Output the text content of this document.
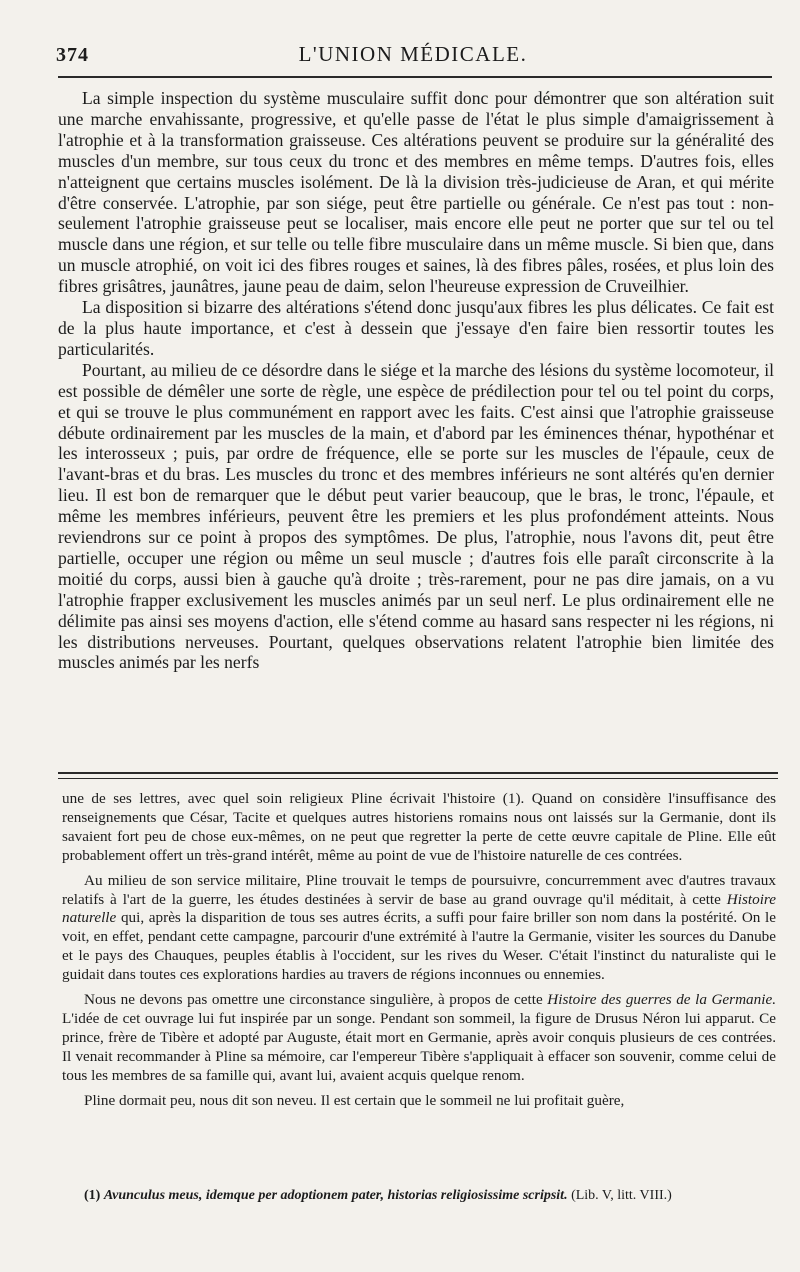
374	L'UNION MÉDICALE.

La simple inspection du système musculaire suffit donc pour démontrer que son altération suit une marche envahissante, progressive, et qu'elle passe de l'état le plus simple d'amaigrissement à l'atrophie et à la transformation graisseuse. Ces altérations peuvent se produire sur la généralité des muscles d'un membre, sur tous ceux du tronc et des membres en même temps. D'autres fois, elles n'atteignent que certains muscles isolément. De là la division très-judicieuse de Aran, et qui mérite d'être conservée. L'atrophie, par son siége, peut être partielle ou générale. Ce n'est pas tout : non-seulement l'atrophie graisseuse peut se localiser, mais encore elle peut ne porter que sur tel ou tel muscle dans une région, et sur telle ou telle fibre musculaire dans un même muscle. Si bien que, dans un muscle atrophié, on voit ici des fibres rouges et saines, là des fibres pâles, rosées, et plus loin des fibres grisâtres, jaunâtres, jaune peau de daim, selon l'heureuse expression de Cruveilhier.

La disposition si bizarre des altérations s'étend donc jusqu'aux fibres les plus délicates. Ce fait est de la plus haute importance, et c'est à dessein que j'essaye d'en faire bien ressortir toutes les particularités.

Pourtant, au milieu de ce désordre dans le siége et la marche des lésions du système locomoteur, il est possible de démêler une sorte de règle, une espèce de prédilection pour tel ou tel point du corps, et qui se trouve le plus communément en rapport avec les faits. C'est ainsi que l'atrophie graisseuse débute ordinairement par les muscles de la main, et d'abord par les éminences thénar, hypothénar et les interosseux ; puis, par ordre de fréquence, elle se porte sur les muscles de l'épaule, ceux de l'avant-bras et du bras. Les muscles du tronc et des membres inférieurs ne sont altérés qu'en dernier lieu. Il est bon de remarquer que le début peut varier beaucoup, que le bras, le tronc, l'épaule, et même les membres inférieurs, peuvent être les premiers et les plus profondément atteints. Nous reviendrons sur ce point à propos des symptômes. De plus, l'atrophie, nous l'avons dit, peut être partielle, occuper une région ou même un seul muscle ; d'autres fois elle paraît circonscrite à la moitié du corps, aussi bien à gauche qu'à droite ; très-rarement, pour ne pas dire jamais, on a vu l'atrophie frapper exclusivement les muscles animés par un seul nerf. Le plus ordinairement elle ne délimite pas ainsi ses moyens d'action, elle s'étend comme au hasard sans respecter ni les régions, ni les distributions nerveuses. Pourtant, quelques observations relatent l'atrophie bien limitée des muscles animés par les nerfs

une de ses lettres, avec quel soin religieux Pline écrivait l'histoire (1). Quand on considère l'insuffisance des renseignements que César, Tacite et quelques autres historiens romains nous ont laissés sur la Germanie, dont ils savaient fort peu de chose eux-mêmes, on ne peut que regretter la perte de cette œuvre capitale de Pline. Elle eût probablement offert un très-grand intérêt, même au point de vue de l'histoire naturelle de ces contrées.

Au milieu de son service militaire, Pline trouvait le temps de poursuivre, concurremment avec d'autres travaux relatifs à l'art de la guerre, les études destinées à servir de base au grand ouvrage qu'il méditait, à cette Histoire naturelle qui, après la disparition de tous ses autres écrits, a suffi pour faire briller son nom dans la postérité. On le voit, en effet, pendant cette campagne, parcourir d'une extrémité à l'autre la Germanie, visiter les sources du Danube et le pays des Chauques, peuples établis à l'occident, sur les rives du Weser. C'était l'instinct du naturaliste qui le guidait dans toutes ces explorations hardies au travers de régions inconnues ou ennemies.

Nous ne devons pas omettre une circonstance singulière, à propos de cette Histoire des guerres de la Germanie. L'idée de cet ouvrage lui fut inspirée par un songe. Pendant son sommeil, la figure de Drusus Néron lui apparut. Ce prince, frère de Tibère et adopté par Auguste, était mort en Germanie, après avoir conquis plusieurs de ces contrées. Il venait recommander à Pline sa mémoire, car l'empereur Tibère s'appliquait à effacer son souvenir, comme celui de tous les membres de sa famille qui, avant lui, avaient acquis quelque renom.

Pline dormait peu, nous dit son neveu. Il est certain que le sommeil ne lui profitait guère,

(1) Avunculus meus, idemque per adoptionem pater, historias religiosissime scripsit. (Lib. V, litt. VIII.)
